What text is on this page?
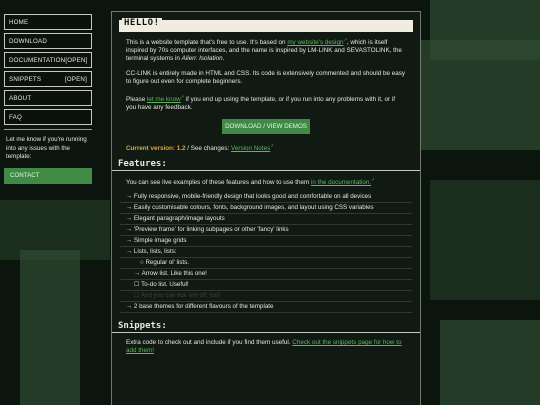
HOME
DOWNLOAD
DOCUMENTATION [OPEN]
SNIPPETS	[OPEN]
ABOUT
FAQ
Let me know if you're running into any issues with the template:
CONTACT
HELLO!

This is a website template that's free to use. It's based on my website's design↗, which is itself inspired by 70s computer interfaces, and the name is inspired by LM-LINK and SEVASTOLINK, the terminal systems in Alien: Isolation.

CC-LINK is entirely made in HTML and CSS. Its code is extensively commented and should be easy to figure out even for complete beginners.

Please let me know↗ if you end up using the template, or if you run into any problems with it, or if you have any feedback.

DOWNLOAD / VIEW DEMOS
Current version: 1.2 / See changes: Version Notes↗
Features:
You can see live examples of these features and how to use them in the documentation.↗
→ Fully responsive, mobile-friendly design that looks good and comfortable on all devices
→ Easily customisable colours, fonts, background images, and layout using CSS variables
→ Elegant paragraph/image layouts
→ 'Preview frame' for linking subpages or other 'fancy' links
→ Simple image grids
→ Lists, lists, lists:
○ Regular ol' lists.
→ Arrow list. Like this one!
☐ To-do list. Useful!
☐ And you can tick 'em off, too!
→ 2 base themes for different flavours of the template
Snippets:
Extra code to check out and include if you find them useful. Check out the snippets page for how to add them!
